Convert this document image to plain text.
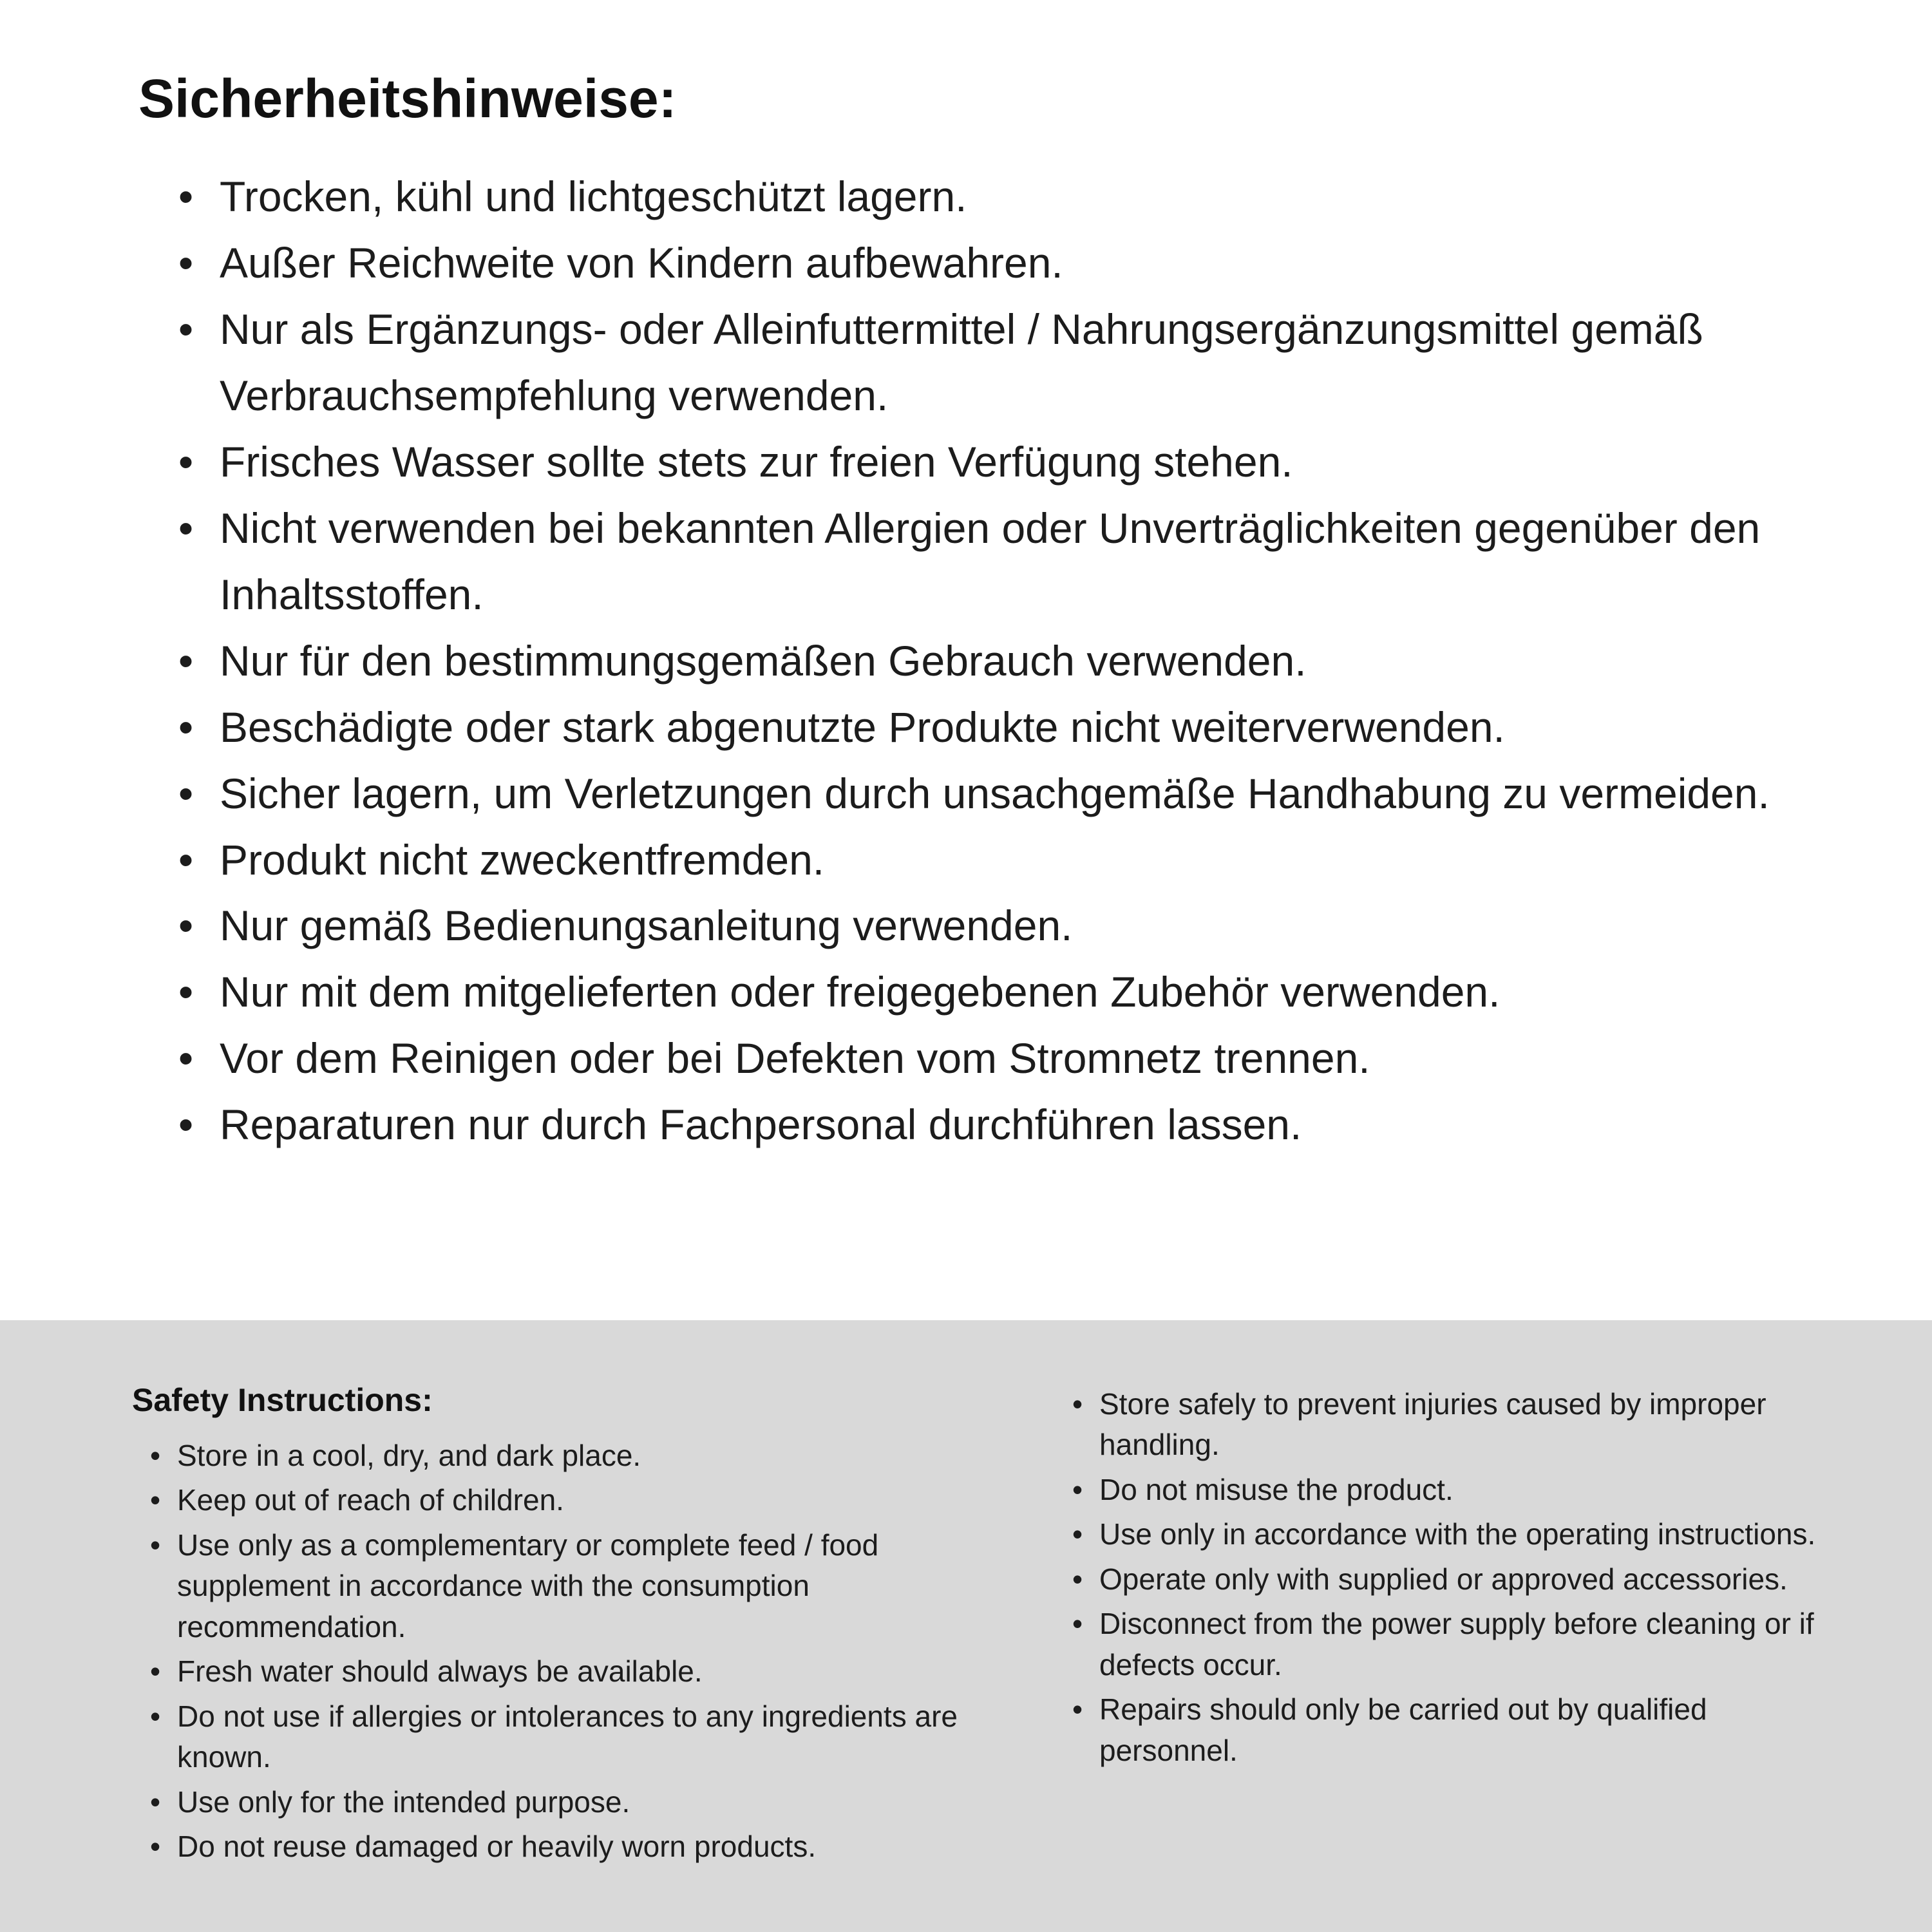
Sicherheitshinweise:
•
Trocken, kühl und lichtgeschützt lagern.
•
Außer Reichweite von Kindern aufbewahren.
•
Nur als Ergänzungs- oder Alleinfuttermittel / Nahrungsergänzungsmittel gemäß Verbrauchsempfehlung verwenden.
•
Frisches Wasser sollte stets zur freien Verfügung stehen.
•
Nicht verwenden bei bekannten Allergien oder Unverträglichkeiten gegenüber den Inhaltsstoffen.
•
Nur für den bestimmungsgemäßen Gebrauch verwenden.
•
Beschädigte oder stark abgenutzte Produkte nicht weiterverwenden.
•
Sicher lagern, um Verletzungen durch unsachgemäße Handhabung zu vermeiden.
•
Produkt nicht zweckentfremden.
•
Nur gemäß Bedienungsanleitung verwenden.
•
Nur mit dem mitgelieferten oder freigegebenen Zubehör verwenden.
•
Vor dem Reinigen oder bei Defekten vom Stromnetz trennen.
•
Reparaturen nur durch Fachpersonal durchführen lassen.
Safety Instructions:
•
Store in a cool, dry, and dark place.
•
Keep out of reach of children.
•
Use only as a complementary or complete feed / food supplement in accordance with the consumption recommendation.
•
Fresh water should always be available.
•
Do not use if allergies or intolerances to any ingredients are known.
•
Use only for the intended purpose.
•
Do not reuse damaged or heavily worn products.
•
Store safely to prevent injuries caused by improper handling.
•
Do not misuse the product.
•
Use only in accordance with the operating instructions.
•
Operate only with supplied or approved accessories.
•
Disconnect from the power supply before cleaning or if defects occur.
•
Repairs should only be carried out by qualified personnel.
